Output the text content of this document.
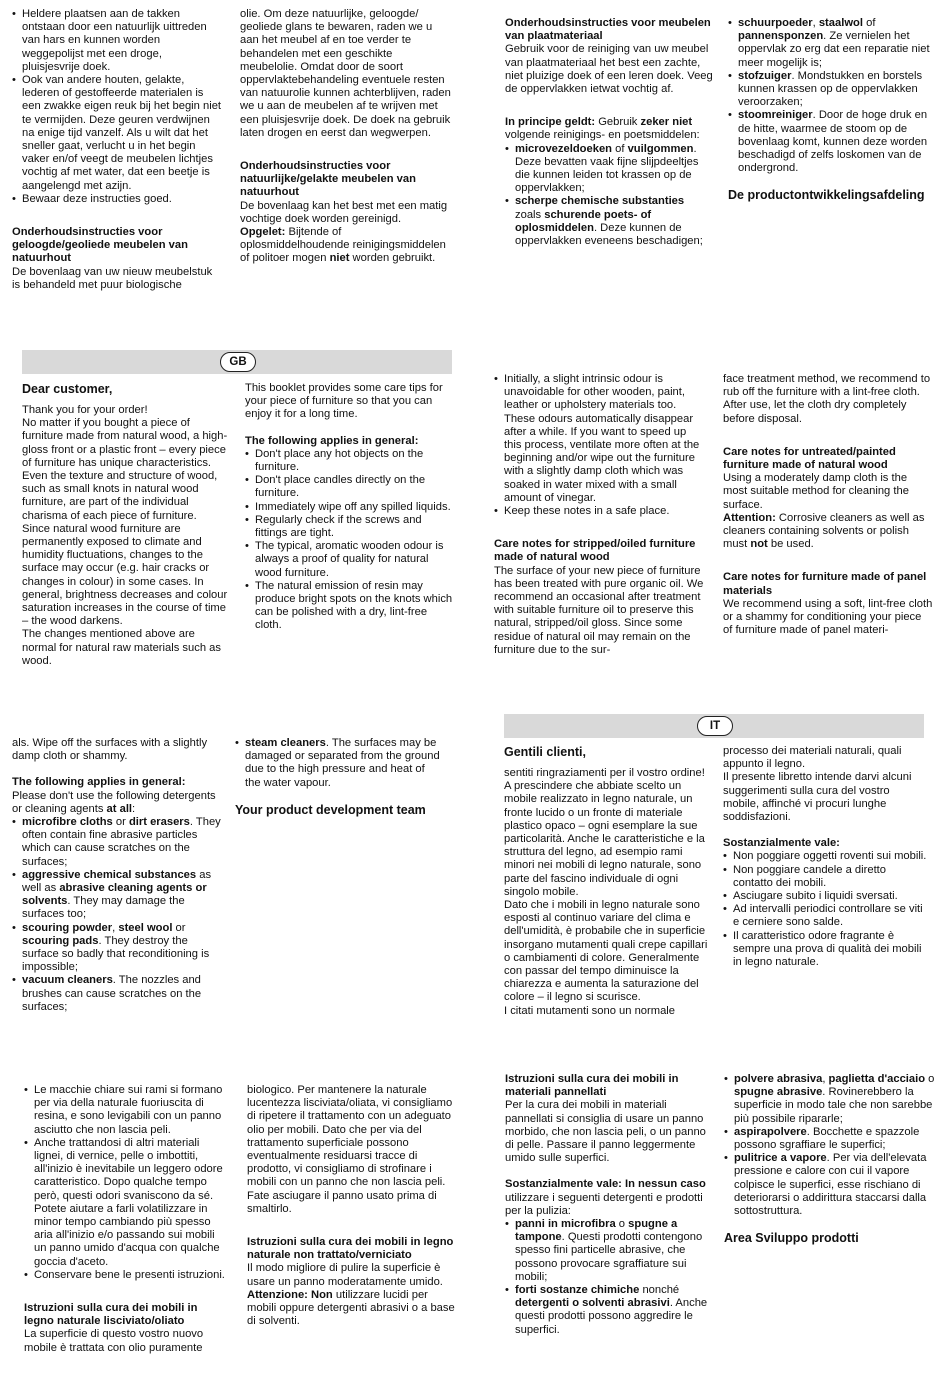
• Heldere plaatsen aan de takken ontstaan door een natuurlijk uittreden van hars en kunnen worden weggepolijst met een droge, pluisjesvrije doek.
• Ook van andere houten, gelakte, lederen of gestoffeerde materialen is een zwakke eigen reuk bij het begin niet te vermijden. Deze geuren verdwijnen na enige tijd vanzelf. Als u wilt dat het sneller gaat, verlucht u in het begin vaker en/of veegt de meubelen lichtjes vochtig af met water, dat een beetje is aangelengd met azijn.
• Bewaar deze instructies goed.
Onderhoudsinstructies voor geloogde/geoliede meubelen van natuurhout

De bovenlaag van uw nieuw meubelstuk is behandeld met puur biologische

olie. Om deze natuurlijke, geloogde/ geoliede glans te bewaren, raden we u aan het meubel af en toe verder te behandelen met een geschikte meubelolie. Omdat door de soort oppervlaktebehandeling eventuele resten van natuurolie kunnen achterblijven, raden we u aan de meubelen af te wrijven met een pluisjesvrije doek. De doek na gebruik laten drogen en eerst dan wegwerpen.

Onderhoudsinstructies voor natuurlijke/gelakte meubelen van natuurhout

De bovenlaag kan het best met een matig vochtige doek worden gereinigd.

Opgelet: Bijtende of oplosmiddelhoudende reinigingsmiddelen of politoer mogen niet worden gebruikt.

Onderhoudsinstructies voor meubelen van plaatmateriaal

Gebruik voor de reiniging van uw meubel van plaatmateriaal het best een zachte, niet pluizige doek of een leren doek. Veeg de oppervlakken ietwat vochtig af.

In principe geldt: Gebruik zeker niet volgende reinigings- en poetsmiddelen:

• microvezeldoeken of vuilgommen. Deze bevatten vaak fijne slijpdeeltjes die kunnen leiden tot krassen op de oppervlakken;
• scherpe chemische substanties zoals schurende poets- of oplosmiddelen. Deze kunnen de oppervlakken eveneens beschadigen;
• schuurpoeder, staalwol of pannensponzen. Ze vernielen het oppervlak zo erg dat een reparatie niet meer mogelijk is;
• stofzuiger. Mondstukken en borstels kunnen krassen op de oppervlakken veroorzaken;
• stoomreiniger. Door de hoge druk en de hitte, waarmee de stoom op de bovenlaag komt, kunnen deze worden beschadigd of zelfs loskomen van de ondergrond.

De productontwikkelingsafdeling

GB

Dear customer,

Thank you for your order!

No matter if you bought a piece of furniture made from natural wood, a high-gloss front or a plastic front – every piece of furniture has unique characteristics. Even the texture and structure of wood, such as small knots in natural wood furniture, are part of the individual charisma of each piece of furniture.

Since natural wood furniture are permanently exposed to climate and humidity fluctuations, changes to the surface may occur (e.g. hair cracks or changes in colour) in some cases. In general, brightness decreases and colour saturation increases in the course of time – the wood darkens.

The changes mentioned above are normal for natural raw materials such as wood.

This booklet provides some care tips for your piece of furniture so that you can enjoy it for a long time.

The following applies in general:
• Don't place any hot objects on the furniture.
• Don't place candles directly on the furniture.
• Immediately wipe off any spilled liquids.
• Regularly check if the screws and fittings are tight.
• The typical, aromatic wooden odour is always a proof of quality for natural wood furniture.
• The natural emission of resin may produce bright spots on the knots which can be polished with a dry, lint-free cloth.
• Initially, a slight intrinsic odour is unavoidable for other wooden, paint, leather or upholstery materials too. These odours automatically disappear after a while. If you want to speed up this process, ventilate more often at the beginning and/or wipe out the furniture with a slightly damp cloth which was soaked in water mixed with a small amount of vinegar.
• Keep these notes in a safe place.
Care notes for stripped/oiled furniture made of natural wood

The surface of your new piece of furniture has been treated with pure organic oil. We recommend an occasional after treatment with suitable furniture oil to preserve this natural, stripped/oil gloss. Since some residue of natural oil may remain on the furniture due to the sur-

face treatment method, we recommend to rub off the furniture with a lint-free cloth. After use, let the cloth dry completely before disposal.

Care notes for untreated/painted furniture made of natural wood

Using a moderately damp cloth is the most suitable method for cleaning the surface.

Attention: Corrosive cleaners as well as cleaners containing solvents or polish must not be used.

Care notes for furniture made of panel materials

We recommend using a soft, lint-free cloth or a shammy for conditioning your piece of furniture made of panel materi-

als. Wipe off the surfaces with a slightly damp cloth or shammy.

The following applies in general:

Please don't use the following detergents or cleaning agents at all:

• microfibre cloths or dirt erasers. They often contain fine abrasive particles which can cause scratches on the surfaces;
• aggressive chemical substances as well as abrasive cleaning agents or solvents. They may damage the surfaces too;
• scouring powder, steel wool or scouring pads. They destroy the surface so badly that reconditioning is impossible;
• vacuum cleaners. The nozzles and brushes can cause scratches on the surfaces;
• steam cleaners. The surfaces may be damaged or separated from the ground due to the high pressure and heat of the water vapour.

Your product development team

IT

Gentili clienti,

sentiti ringraziamenti per il vostro ordine!

A prescindere che abbiate scelto un mobile realizzato in legno naturale, un fronte lucido o un fronte di materiale plastico opaco – ogni esemplare la sue particolarità. Anche le caratteristiche e la struttura del legno, ad esempio rami minori nei mobili di legno naturale, sono parte del fascino individuale di ogni singolo mobile.

Dato che i mobili in legno naturale sono esposti al continuo variare del clima e dell'umidità, è probabile che in superficie insorgano mutamenti quali crepe capillari o cambiamenti di colore. Generalmente con passar del tempo diminuisce la chiarezza e aumenta la saturazione del colore – il legno si scurisce.

I citati mutamenti sono un normale

processo dei materiali naturali, quali appunto il legno.

Il presente libretto intende darvi alcuni suggerimenti sulla cura del vostro mobile, affinché vi procuri lunghe soddisfazioni.

Sostanzialmente vale:
• Non poggiare oggetti roventi sui mobili.
• Non poggiare candele a diretto contatto dei mobili.
• Asciugare subito i liquidi sversati.
• Ad intervalli periodici controllare se viti e cerniere sono salde.
• Il caratteristico odore fragrante è sempre una prova di qualità dei mobili in legno naturale.
• Le macchie chiare sui rami si formano per via della naturale fuoriuscita di resina, e sono levigabili con un panno asciutto che non lascia peli.
• Anche trattandosi di altri materiali lignei, di vernice, pelle o imbottiti, all'inizio è inevitabile un leggero odore caratteristico. Dopo qualche tempo però, questi odori svaniscono da sé. Potete aiutare a farli volatilizzare in minor tempo cambiando più spesso aria all'inizio e/o passando sui mobili un panno umido d'acqua con qualche goccia d'aceto.
• Conservare bene le presenti istruzioni.
Istruzioni sulla cura dei mobili in legno naturale lisciviato/oliato

La superficie di questo vostro nuovo mobile è trattata con olio puramente

biologico. Per mantenere la naturale lucentezza lisciviata/oliata, vi consigliamo di ripetere il trattamento con un adeguato olio per mobili. Dato che per via del trattamento superficiale possono eventualmente residuarsi tracce di prodotto, vi consigliamo di strofinare i mobili con un panno che non lascia peli. Fate asciugare il panno usato prima di smaltirlo.

Istruzioni sulla cura dei mobili in legno naturale non trattato/verniciato

Il modo migliore di pulire la superficie è usare un panno moderatamente umido.

Attenzione: Non utilizzare lucidi per mobili oppure detergenti abrasivi o a base di solventi.

Istruzioni sulla cura dei mobili in materiali pannellati

Per la cura dei mobili in materiali pannellati si consiglia di usare un panno morbido, che non lascia peli, o un panno di pelle. Passare il panno leggermente umido sulle superfici.

Sostanzialmente vale: In nessun caso utilizzare i seguenti detergenti e prodotti per la pulizia:

• panni in microfibra o spugne a tampone. Questi prodotti contengono spesso fini particelle abrasive, che possono provocare sgraffiature sui mobili;
• forti sostanze chimiche nonché detergenti o solventi abrasivi. Anche questi prodotti possono aggredire le superfici.
• polvere abrasiva, paglietta d'acciaio o spugne abrasive. Rovinerebbero la superficie in modo tale che non sarebbe più possibile ripararle;
• aspirapolvere. Bocchette e spazzole possono sgraffiare le superfici;
• pulitrice a vapore. Per via dell'elevata pressione e calore con cui il vapore colpisce le superfici, esse rischiano di deteriorarsi o addirittura staccarsi dalla sottostruttura.

Area Sviluppo prodotti
